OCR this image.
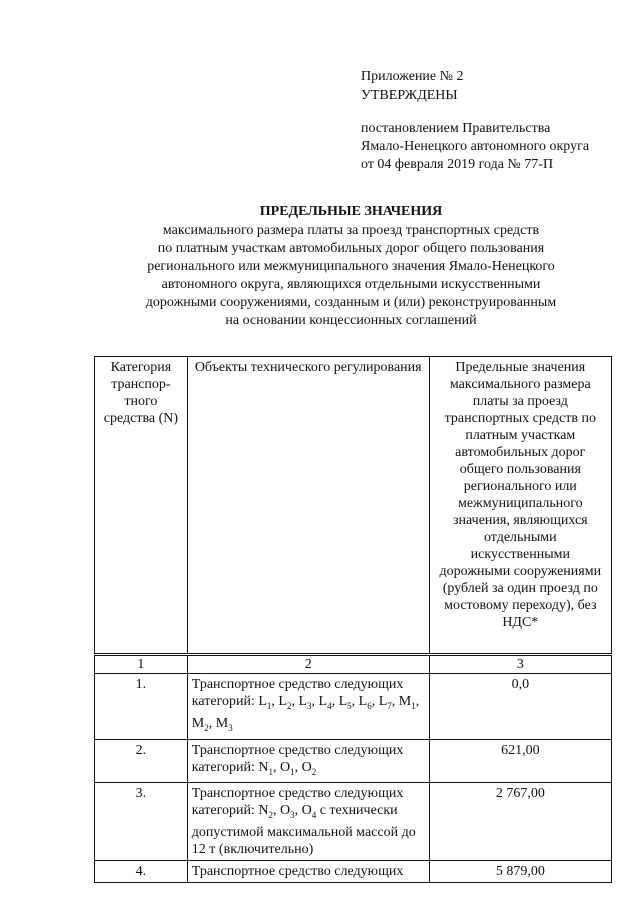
Приложение № 2
УТВЕРЖДЕНЫ
постановлением Правительства
Ямало-Ненецкого автономного округа
от 04 февраля 2019 года № 77-П
ПРЕДЕЛЬНЫЕ ЗНАЧЕНИЯ
максимального размера платы за проезд транспортных средств
по платным участкам автомобильных дорог общего пользования
регионального или межмуниципального значения Ямало-Ненецкого
автономного округа, являющихся отдельными искусственными
дорожными сооружениями, созданным и (или) реконструированным
на основании концессионных соглашений
Категория транспор-тного средства (N)	Объекты технического регулирования	Предельные значения максимального размера платы за проезд транспортных средств по платным участкам автомобильных дорог общего пользования регионального или межмуниципального значения, являющихся отдельными искусственными дорожными сооружениями (рублей за один проезд по мостовому переходу), без НДС*
1	2	3
1.	Транспортное средство следующих категорий: $L_1$, $L_2$, $L_3$, $L_4$, $L_5$, $L_6$, $L_7$, $M_1$, $M_2$, $M_3$	0,0
2.	Транспортное средство следующих категорий: $N_1$, $O_1$, $O_2$	621,00
3.	Транспортное средство следующих категорий: $N_2$, $O_3$, $O_4$ с технически допустимой максимальной массой до 12 т (включительно)	2 767,00
4.	Транспортное средство следующих	5 879,00
